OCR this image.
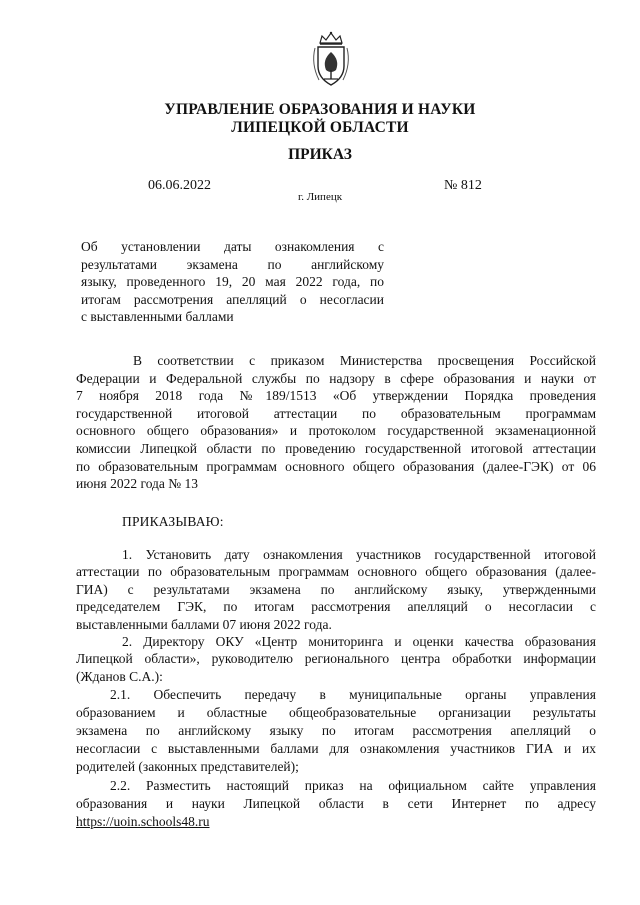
УПРАВЛЕНИЕ ОБРАЗОВАНИЯ И НАУКИ
ЛИПЕЦКОЙ ОБЛАСТИ
ПРИКАЗ
06.06.2022	№ 812
г. Липецк
Об установлении даты ознакомления с
результатами экзамена по английскому
языку, проведенного 19, 20 мая 2022 года, по
итогам рассмотрения апелляций о несогласии
с выставленными баллами
В соответствии с приказом Министерства просвещения Российской
Федерации и Федеральной службы по надзору в сфере образования и науки от
7 ноября 2018 года №189/1513 «Об утверждении Порядка проведения
государственной итоговой аттестации по образовательным программам
основного общего образования» и протоколом государственной экзаменационной
комиссии Липецкой области по проведению государственной итоговой аттестации
по образовательным программам основного общего образования (далее-ГЭК) от 06
июня 2022 года № 13
ПРИКАЗЫВАЮ:
1. Установить дату ознакомления участников государственной итоговой
аттестации по образовательным программам основного общего образования (далее-
ГИА) с результатами экзамена по английскому языку, утвержденными
председателем ГЭК, по итогам рассмотрения апелляций о несогласии с
выставленными баллами 07 июня 2022 года.
2. Директору ОКУ «Центр мониторинга и оценки качества образования
Липецкой области», руководителю регионального центра обработки информации
(Жданов С.А.):
2.1. Обеспечить передачу в муниципальные органы управления
образованием и областные общеобразовательные организации результаты
экзамена по английскому языку по итогам рассмотрения апелляций о
несогласии с выставленными баллами для ознакомления участников ГИА и их
родителей (законных представителей);
2.2. Разместить настоящий приказ на официальном сайте управления
образования и науки Липецкой области в сети Интернет по адресу
https://uoin.schools48.ru
